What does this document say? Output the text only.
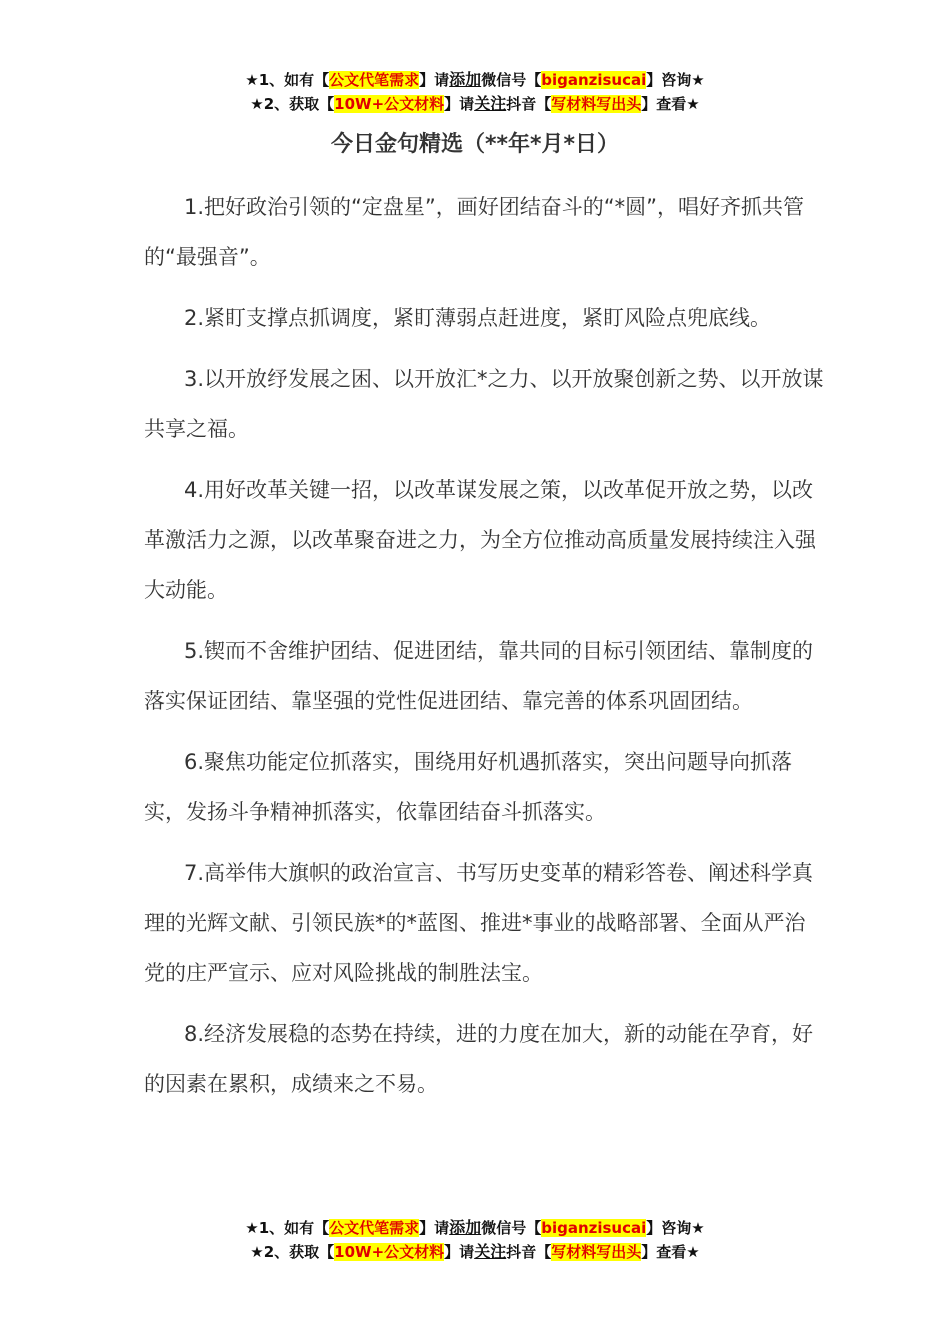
★1、如有【公文代笔需求】请添加微信号【biganzisucai】咨询★
★2、获取【10W+公文材料】请关注抖音【写材料写出头】查看★
今日金句精选（**年*月*日）

1.把好政治引领的“定盘星”，画好团结奋斗的“*圆”，唱好齐抓共管的“最强音”。

2.紧盯支撑点抓调度，紧盯薄弱点赶进度，紧盯风险点兜底线。

3.以开放纾发展之困、以开放汇*之力、以开放聚创新之势、以开放谋共享之福。

4.用好改革关键一招，以改革谋发展之策，以改革促开放之势，以改革激活力之源，以改革聚奋进之力，为全方位推动高质量发展持续注入强大动能。

5.锲而不舍维护团结、促进团结，靠共同的目标引领团结、靠制度的落实保证团结、靠坚强的党性促进团结、靠完善的体系巩固团结。

6.聚焦功能定位抓落实，围绕用好机遇抓落实，突出问题导向抓落实，发扬斗争精神抓落实，依靠团结奋斗抓落实。

7.高举伟大旗帜的政治宣言、书写历史变革的精彩答卷、阐述科学真理的光辉文献、引领民族*的*蓝图、推进*事业的战略部署、全面从严治党的庄严宣示、应对风险挑战的制胜法宝。

8.经济发展稳的态势在持续，进的力度在加大，新的动能在孕育，好的因素在累积，成绩来之不易。

★1、如有【公文代笔需求】请添加微信号【biganzisucai】咨询★
★2、获取【10W+公文材料】请关注抖音【写材料写出头】查看★
